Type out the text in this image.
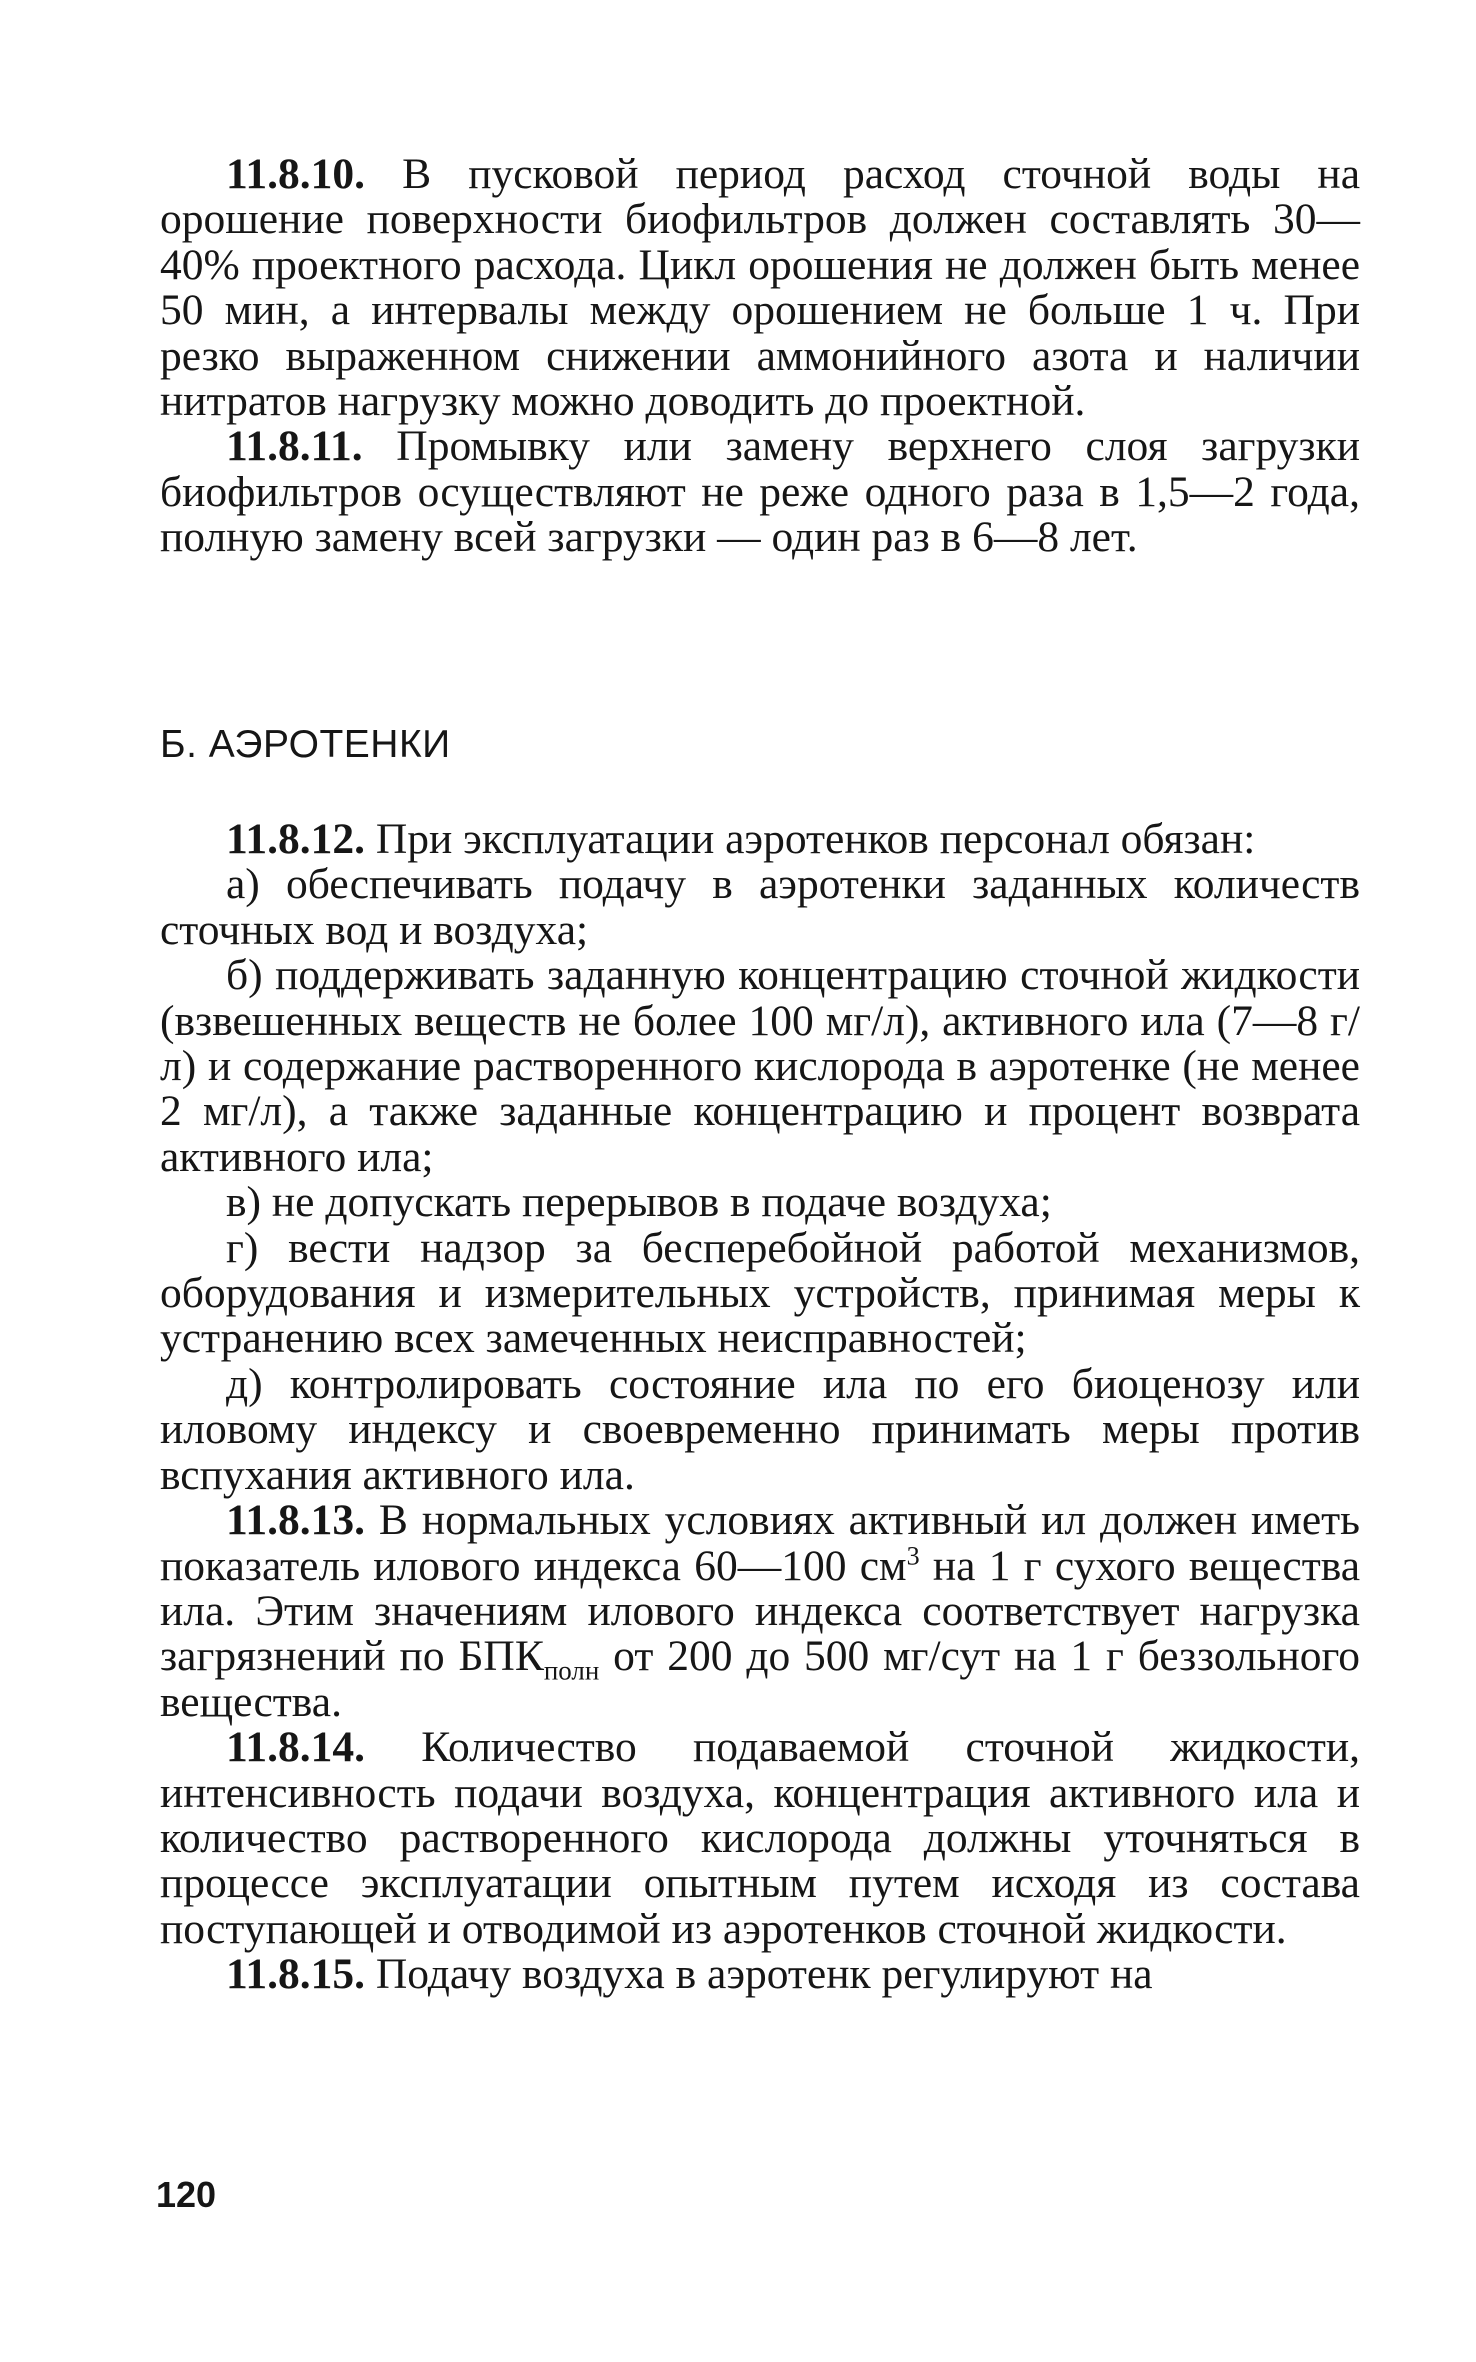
11.8.10. В пусковой период расход сточной воды на орошение поверхности биофильтров должен составлять 30—40% проектного расхода. Цикл орошения не должен быть менее 50 мин, а интервалы между орошением не больше 1 ч. При резко выраженном снижении аммонийного азота и наличии нитратов нагрузку можно доводить до проектной.

11.8.11. Промывку или замену верхнего слоя загрузки биофильтров осуществляют не реже одного раза в 1,5—2 года, полную замену всей загрузки — один раз в 6—8 лет.

Б. АЭРОТЕНКИ

11.8.12. При эксплуатации аэротенков персонал обязан:

а) обеспечивать подачу в аэротенки заданных количеств сточных вод и воздуха;

б) поддерживать заданную концентрацию сточной жидкости (взвешенных веществ не более 100 мг/л), активного ила (7—8 г/л) и содержание растворенного кислорода в аэротенке (не менее 2 мг/л), а также заданные концентрацию и процент возврата активного ила;

в) не допускать перерывов в подаче воздуха;

г) вести надзор за бесперебойной работой механизмов, оборудования и измерительных устройств, принимая меры к устранению всех замеченных неисправностей;

д) контролировать состояние ила по его биоценозу или иловому индексу и своевременно принимать меры против вспухания активного ила.

11.8.13. В нормальных условиях активный ил должен иметь показатель илового индекса 60—100 $см^3$ на 1 г сухого вещества ила. Этим значениям илового индекса соответствует нагрузка загрязнений по $БПК_{полн}$ от 200 до 500 мг/сут на 1 г беззольного вещества.

11.8.14. Количество подаваемой сточной жидкости, интенсивность подачи воздуха, концентрация активного ила и количество растворенного кислорода должны уточняться в процессе эксплуатации опытным путем исходя из состава поступающей и отводимой из аэротенков сточной жидкости.

11.8.15. Подачу воздуха в аэротенк регулируют на

120
